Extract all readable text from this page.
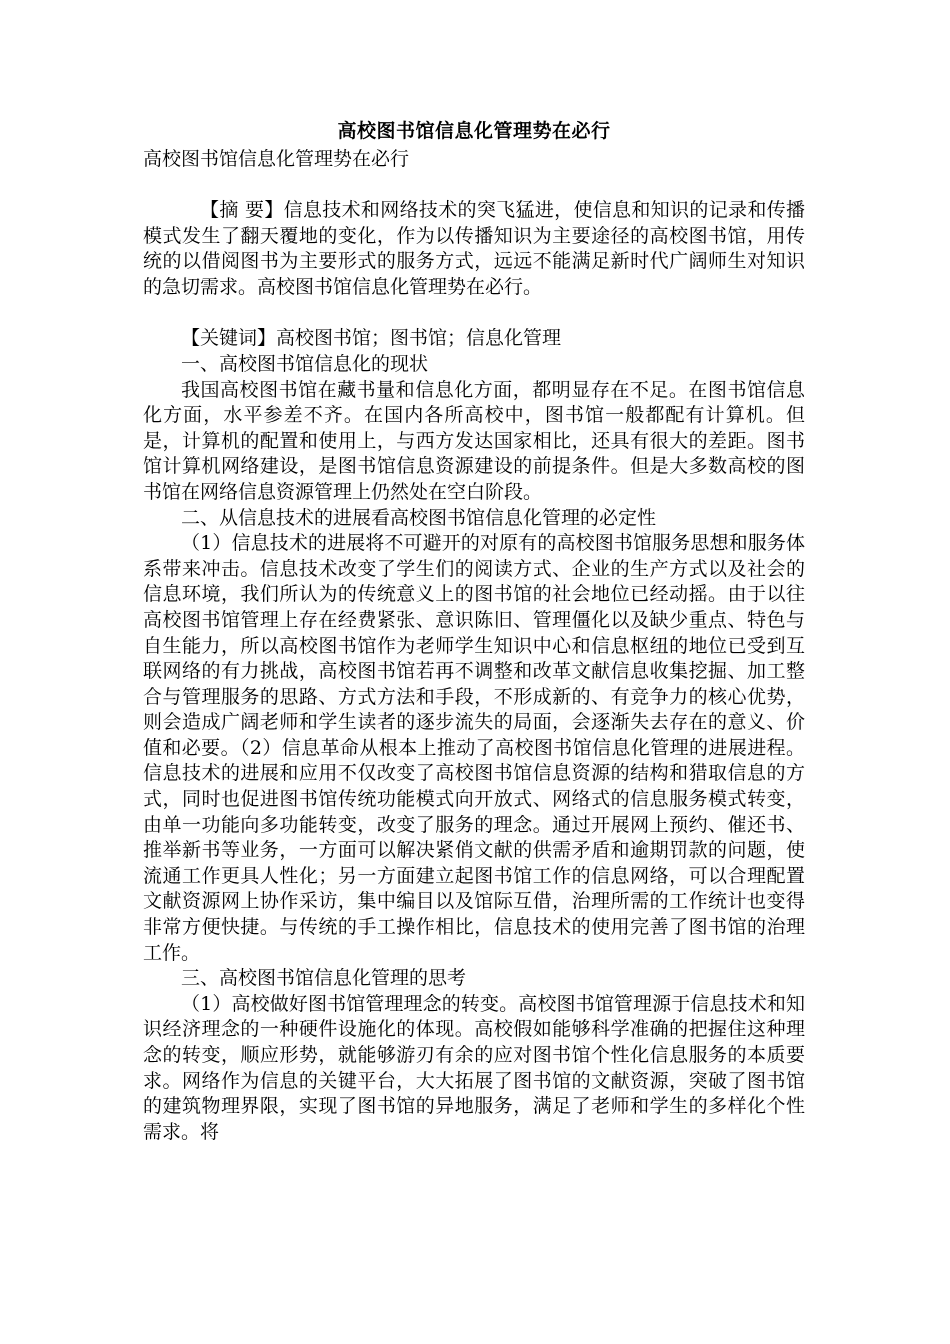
高校图书馆信息化管理势在必行
高校图书馆信息化管理势在必行

【摘 要】信息技术和网络技术的突飞猛进，使信息和知识的记录和传播模式发生了翻天覆地的变化，作为以传播知识为主要途径的高校图书馆，用传统的以借阅图书为主要形式的服务方式，远远不能满足新时代广阔师生对知识的急切需求。高校图书馆信息化管理势在必行。

【关键词】高校图书馆；图书馆；信息化管理

一、高校图书馆信息化的现状

我国高校图书馆在藏书量和信息化方面，都明显存在不足。在图书馆信息化方面，水平参差不齐。在国内各所高校中，图书馆一般都配有计算机。但是，计算机的配置和使用上，与西方发达国家相比，还具有很大的差距。图书馆计算机网络建设，是图书馆信息资源建设的前提条件。但是大多数高校的图书馆在网络信息资源管理上仍然处在空白阶段。

二、从信息技术的进展看高校图书馆信息化管理的必定性

（1）信息技术的进展将不可避开的对原有的高校图书馆服务思想和服务体系带来冲击。信息技术改变了学生们的阅读方式、企业的生产方式以及社会的信息环境，我们所认为的传统意义上的图书馆的社会地位已经动摇。由于以往高校图书馆管理上存在经费紧张、意识陈旧、管理僵化以及缺少重点、特色与自生能力，所以高校图书馆作为老师学生知识中心和信息枢纽的地位已受到互联网络的有力挑战，高校图书馆若再不调整和改革文献信息收集挖掘、加工整合与管理服务的思路、方式方法和手段，不形成新的、有竞争力的核心优势，则会造成广阔老师和学生读者的逐步流失的局面，会逐渐失去存在的意义、价值和必要。（2）信息革命从根本上推动了高校图书馆信息化管理的进展进程。信息技术的进展和应用不仅改变了高校图书馆信息资源的结构和猎取信息的方式，同时也促进图书馆传统功能模式向开放式、网络式的信息服务模式转变，由单一功能向多功能转变，改变了服务的理念。通过开展网上预约、催还书、推举新书等业务，一方面可以解决紧俏文献的供需矛盾和逾期罚款的问题，使流通工作更具人性化；另一方面建立起图书馆工作的信息网络，可以合理配置文献资源网上协作采访，集中编目以及馆际互借，治理所需的工作统计也变得非常方便快捷。与传统的手工操作相比，信息技术的使用完善了图书馆的治理工作。

三、高校图书馆信息化管理的思考

（1）高校做好图书馆管理理念的转变。高校图书馆管理源于信息技术和知识经济理念的一种硬件设施化的体现。高校假如能够科学准确的把握住这种理念的转变，顺应形势，就能够游刃有余的应对图书馆个性化信息服务的本质要求。网络作为信息的关键平台，大大拓展了图书馆的文献资源，突破了图书馆的建筑物理界限，实现了图书馆的异地服务，满足了老师和学生的多样化个性需求。将
